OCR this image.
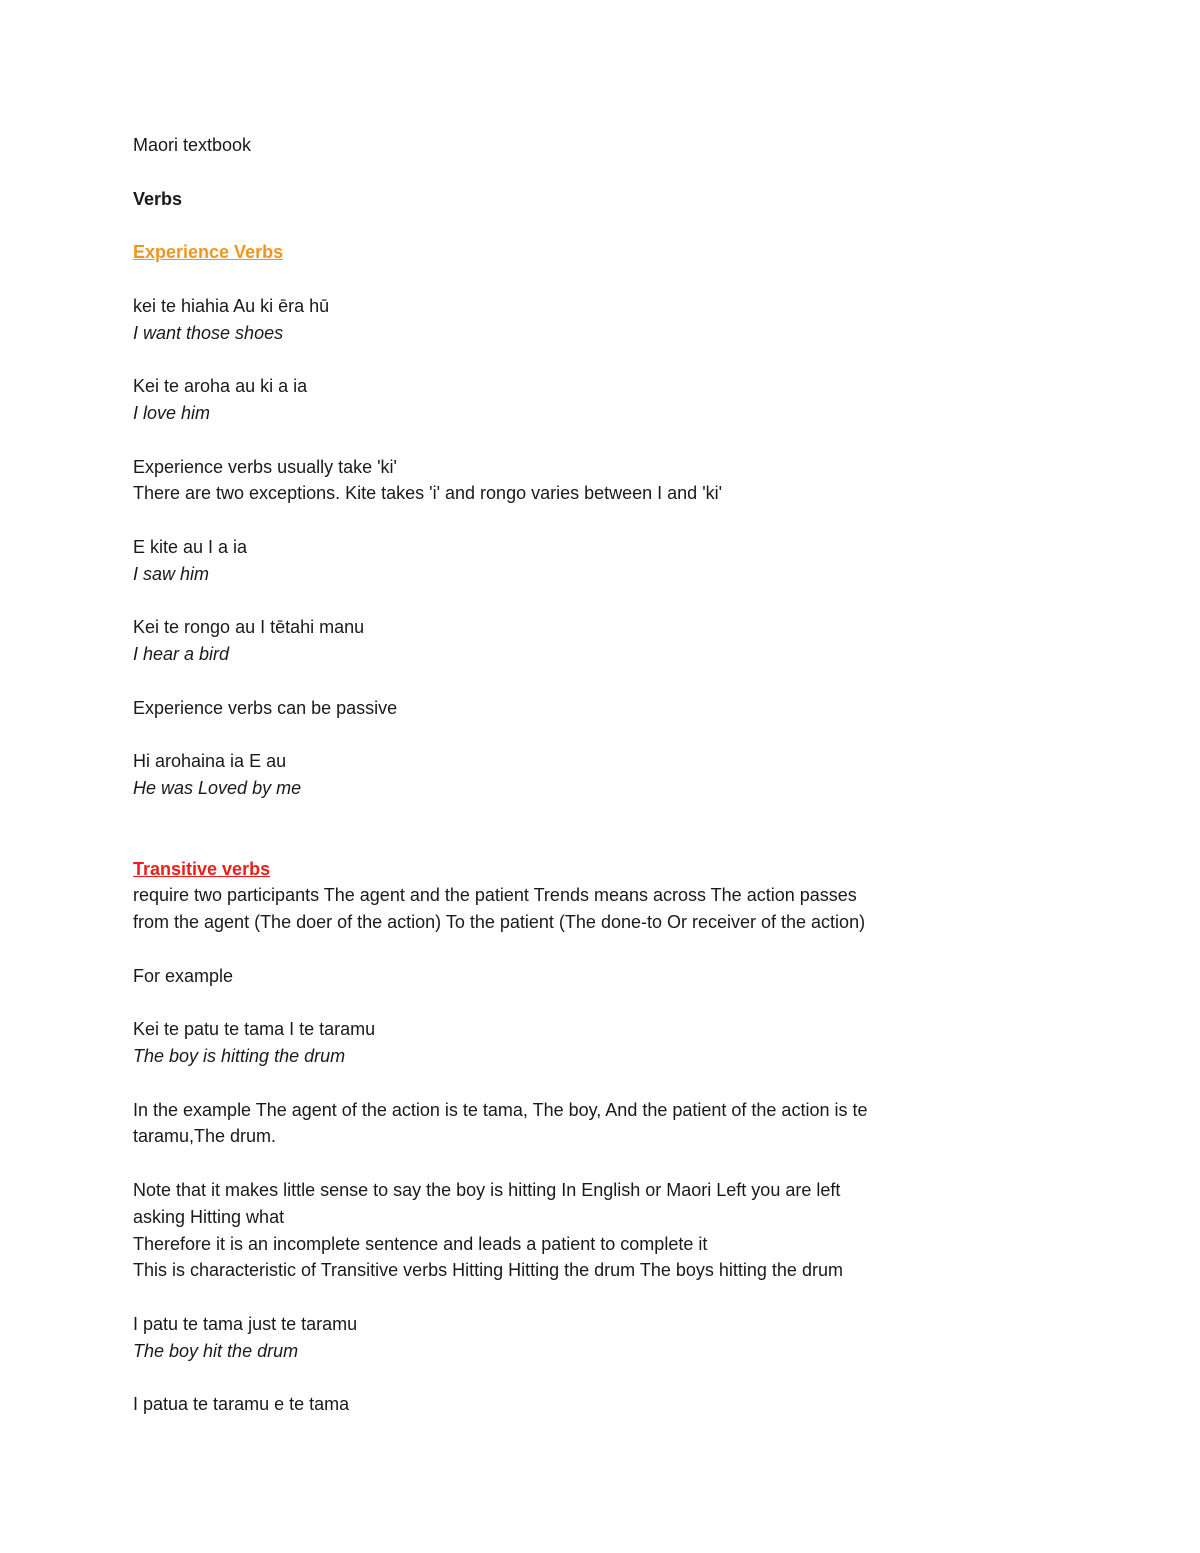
Maori textbook

Verbs

Experience Verbs

kei te hiahia Au ki ēra hū

I want those shoes

Kei te aroha au ki a ia

I love him

Experience verbs usually take 'ki'

There are two exceptions. Kite takes 'i' and rongo varies between I and 'ki'

E kite au I a ia

I saw him

Kei te rongo au I tētahi manu

I hear a bird

Experience verbs can be passive

Hi arohaina ia E au

He was Loved by me

Transitive verbs

require two participants The agent and the patient Trends means across The action passes

from the agent (The doer of the action) To the patient (The done-to Or receiver of the action)

For example

Kei te patu te tama I te taramu

The boy is hitting the drum

In the example The agent of the action is te tama, The boy, And the patient of the action is te

taramu,The drum.

Note that it makes little sense to say the boy is hitting In English or Maori Left you are left

asking Hitting what

Therefore it is an incomplete sentence and leads a patient to complete it

This is characteristic of Transitive verbs Hitting Hitting the drum The boys hitting the drum

I patu te tama just te taramu

The boy hit the drum

I patua te taramu e te tama
